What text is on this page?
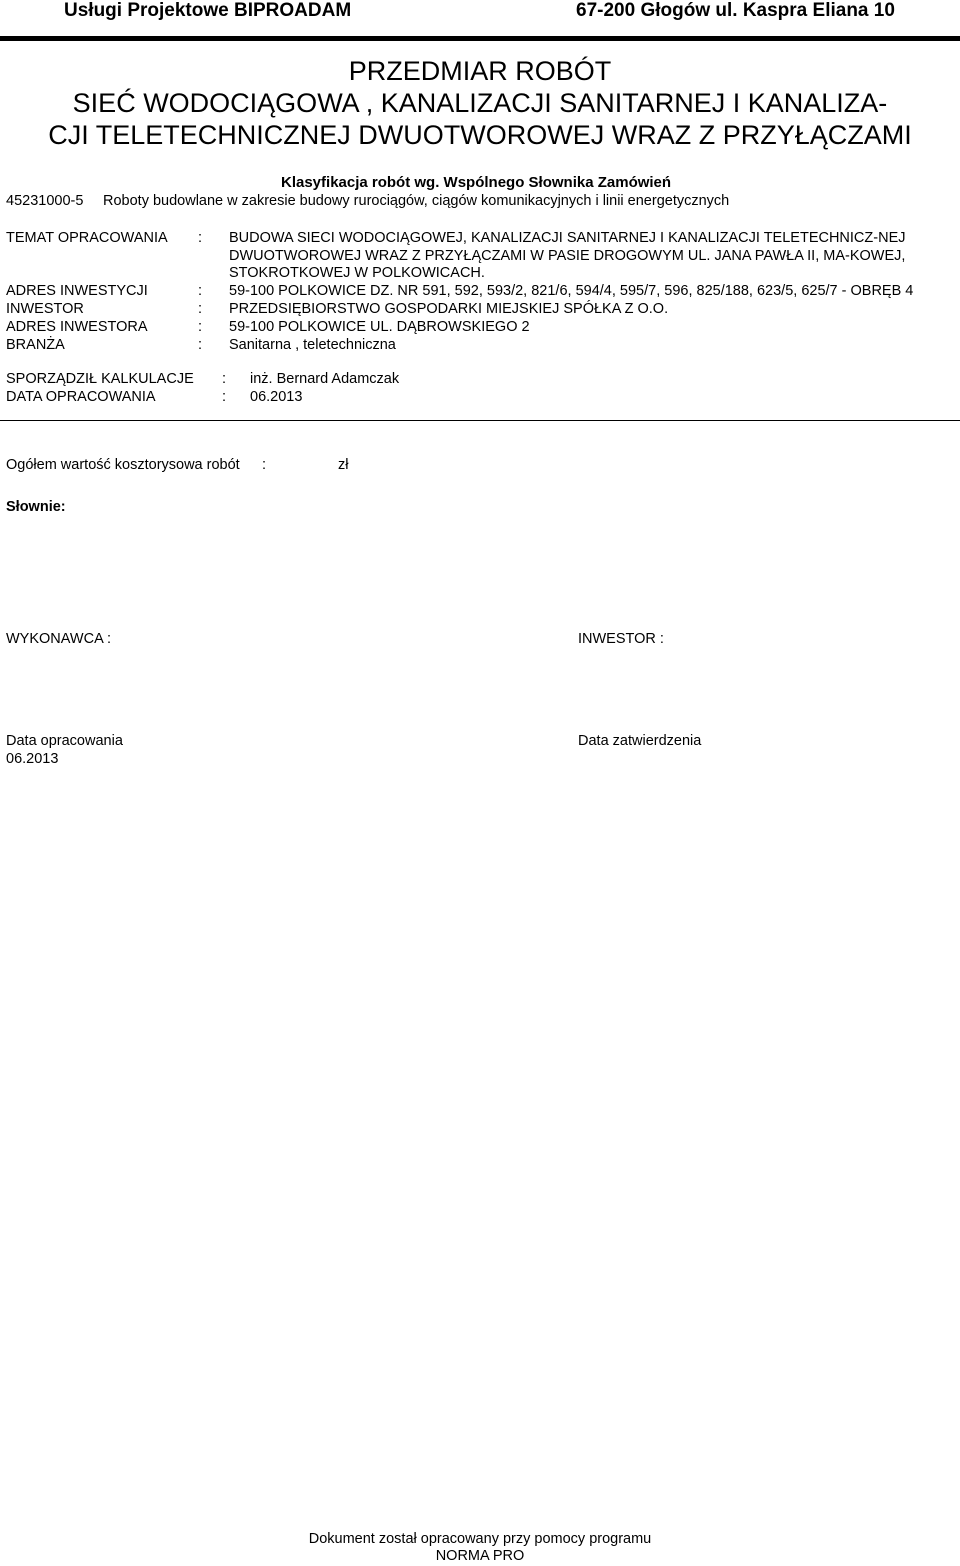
Usługi Projektowe BIPROADAM	67-200 Głogów ul. Kaspra Eliana 10
PRZEDMIAR ROBÓT
SIEĆ WODOCIĄGOWA , KANALIZACJI SANITARNEJ I KANALIZA-
CJI TELETECHNICZNEJ DWUOTWOROWEJ WRAZ Z PRZYŁĄCZAMI
Klasyfikacja robót wg. Wspólnego Słownika Zamówień
45231000-5 Roboty budowlane w zakresie budowy rurociągów, ciągów komunikacyjnych i linii energetycznych
TEMAT OPRACOWANIA : BUDOWA SIECI WODOCIĄGOWEJ, KANALIZACJI SANITARNEJ I KANALIZACJI TELETECHNICZ-NEJ DWUOTWOROWEJ WRAZ Z PRZYŁĄCZAMI W PASIE DROGOWYM UL. JANA PAWŁA II, MA-KOWEJ, STOKROTKOWEJ W POLKOWICACH.
ADRES INWESTYCJI	: 59-100 POLKOWICE DZ. NR 591, 592, 593/2, 821/6, 594/4, 595/7, 596, 825/188, 623/5, 625/7 - OBRĘB 4
INWESTOR	: PRZEDSIĘBIORSTWO GOSPODARKI MIEJSKIEJ SPÓŁKA Z O.O.
ADRES INWESTORA	: 59-100 POLKOWICE UL. DĄBROWSKIEGO 2
BRANŻA	: Sanitarna , teletechniczna
SPORZĄDZIŁ KALKULACJE : inż. Bernard Adamczak
DATA OPRACOWANIA	: 06.2013
Ogółem wartość kosztorysowa robót :	zł
Słownie:
WYKONAWCA :	INWESTOR :
Data opracowania
06.2013
Data zatwierdzenia
Dokument został opracowany przy pomocy programu
NORMA PRO
